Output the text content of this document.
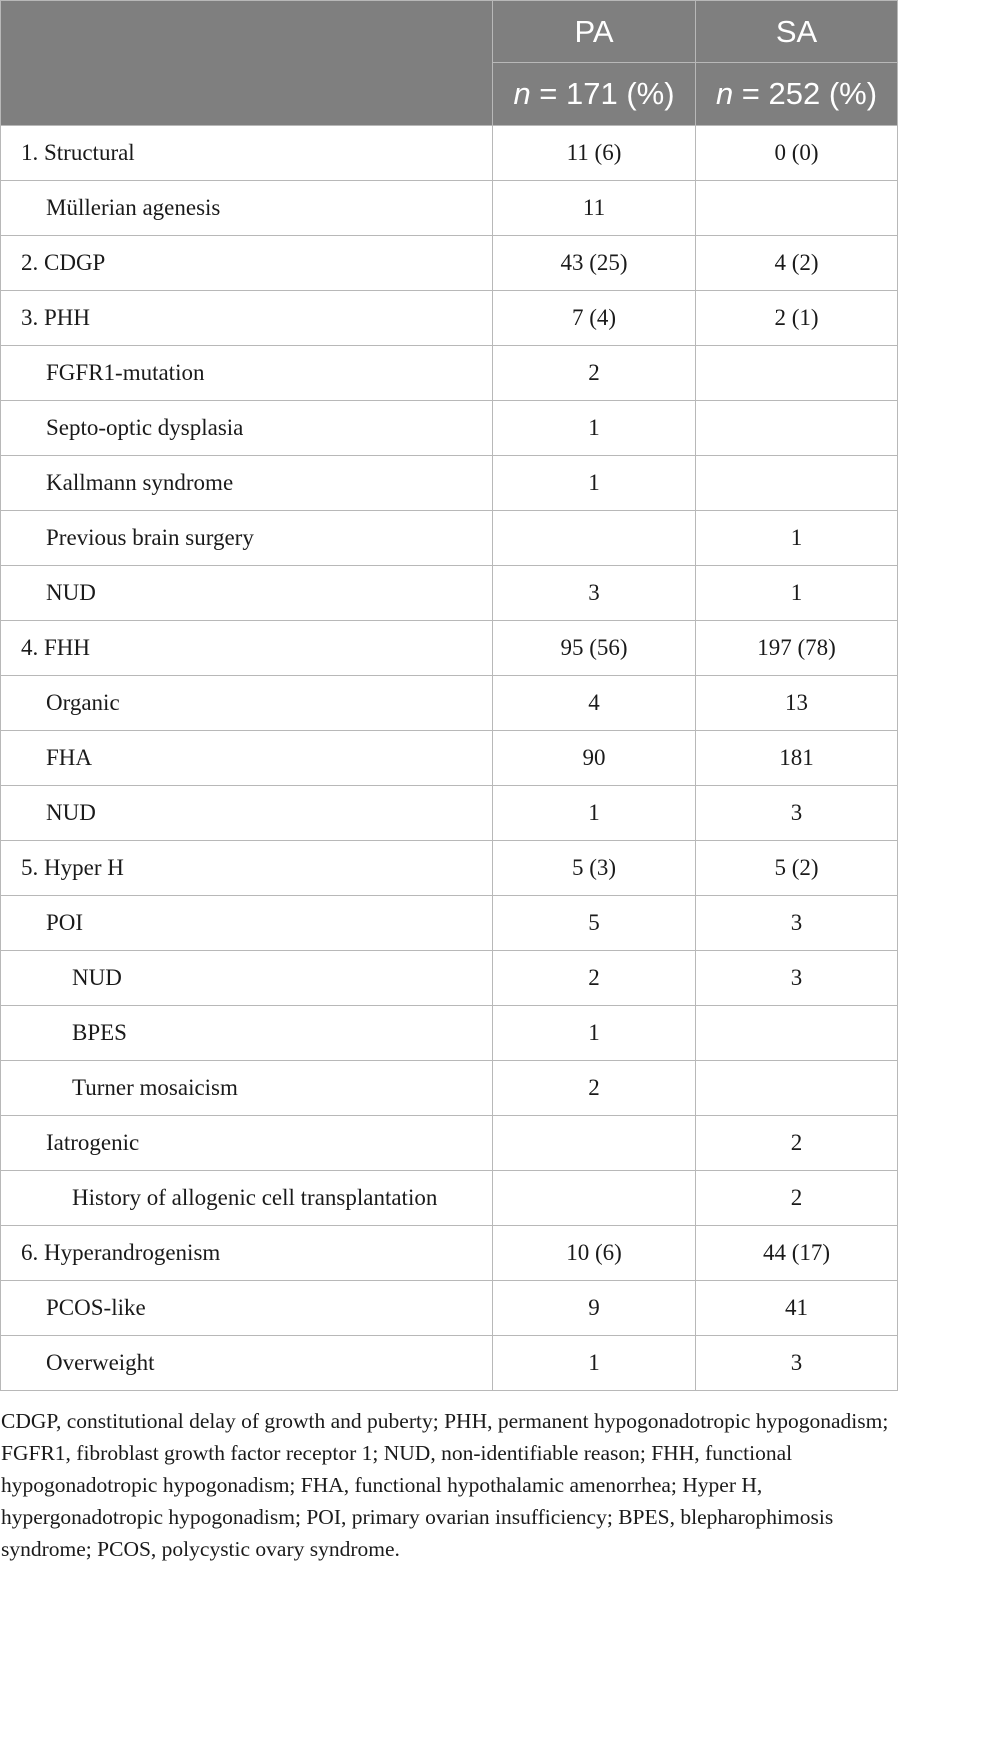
	PA	SA
	n = 171 (%)	n = 252 (%)
1. Structural	11 (6)	0 (0)
Müllerian agenesis	11	
2. CDGP	43 (25)	4 (2)
3. PHH	7 (4)	2 (1)
FGFR1-mutation	2	
Septo-optic dysplasia	1	
Kallmann syndrome	1	
Previous brain surgery		1
NUD	3	1
4. FHH	95 (56)	197 (78)
Organic	4	13
FHA	90	181
NUD	1	3
5. Hyper H	5 (3)	5 (2)
POI	5	3
NUD	2	3
BPES	1	
Turner mosaicism	2	
Iatrogenic		2
History of allogenic cell transplantation		2
6. Hyperandrogenism	10 (6)	44 (17)
PCOS-like	9	41
Overweight	1	3

CDGP, constitutional delay of growth and puberty; PHH, permanent hypogonadotropic hypogonadism; FGFR1, fibroblast growth factor receptor 1; NUD, non-identifiable reason; FHH, functional hypogonadotropic hypogonadism; FHA, functional hypothalamic amenorrhea; Hyper H, hypergonadotropic hypogonadism; POI, primary ovarian insufficiency; BPES, blepharophimosis syndrome; PCOS, polycystic ovary syndrome.
